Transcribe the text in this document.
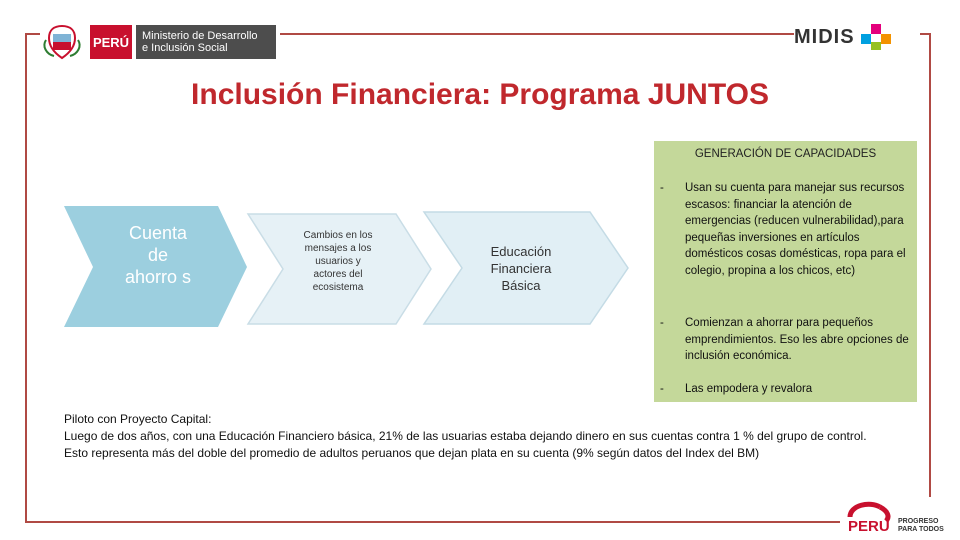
PERÚ Ministerio de Desarrollo
e Inclusión Social
MIDIS
Inclusión Financiera: Programa JUNTOS
Cuenta de ahorro s
Cambios en los mensajes a los usuarios y actores del ecosistema
Educación Financiera Básica
GENERACIÓN DE CAPACIDADES
-	Usan su cuenta para manejar sus recursos escasos: financiar la atención de emergencias (reducen vulnerabilidad),para pequeñas inversiones en artículos domésticos cosas domésticas, ropa para el colegio, propina a los chicos, etc)
-	Comienzan a ahorrar para pequeños emprendimientos. Eso les abre opciones de inclusión económica.
-	Las empodera y revalora
Piloto con Proyecto Capital:
Luego de dos años, con una Educación Financiero básica, 21% de las usuarias estaba dejando dinero en sus cuentas contra 1 % del grupo de control.
Esto representa más del doble del promedio de adultos peruanos que dejan plata en su cuenta (9% según datos del Index del BM)
PERU PROGRESO
PARA TODOS
